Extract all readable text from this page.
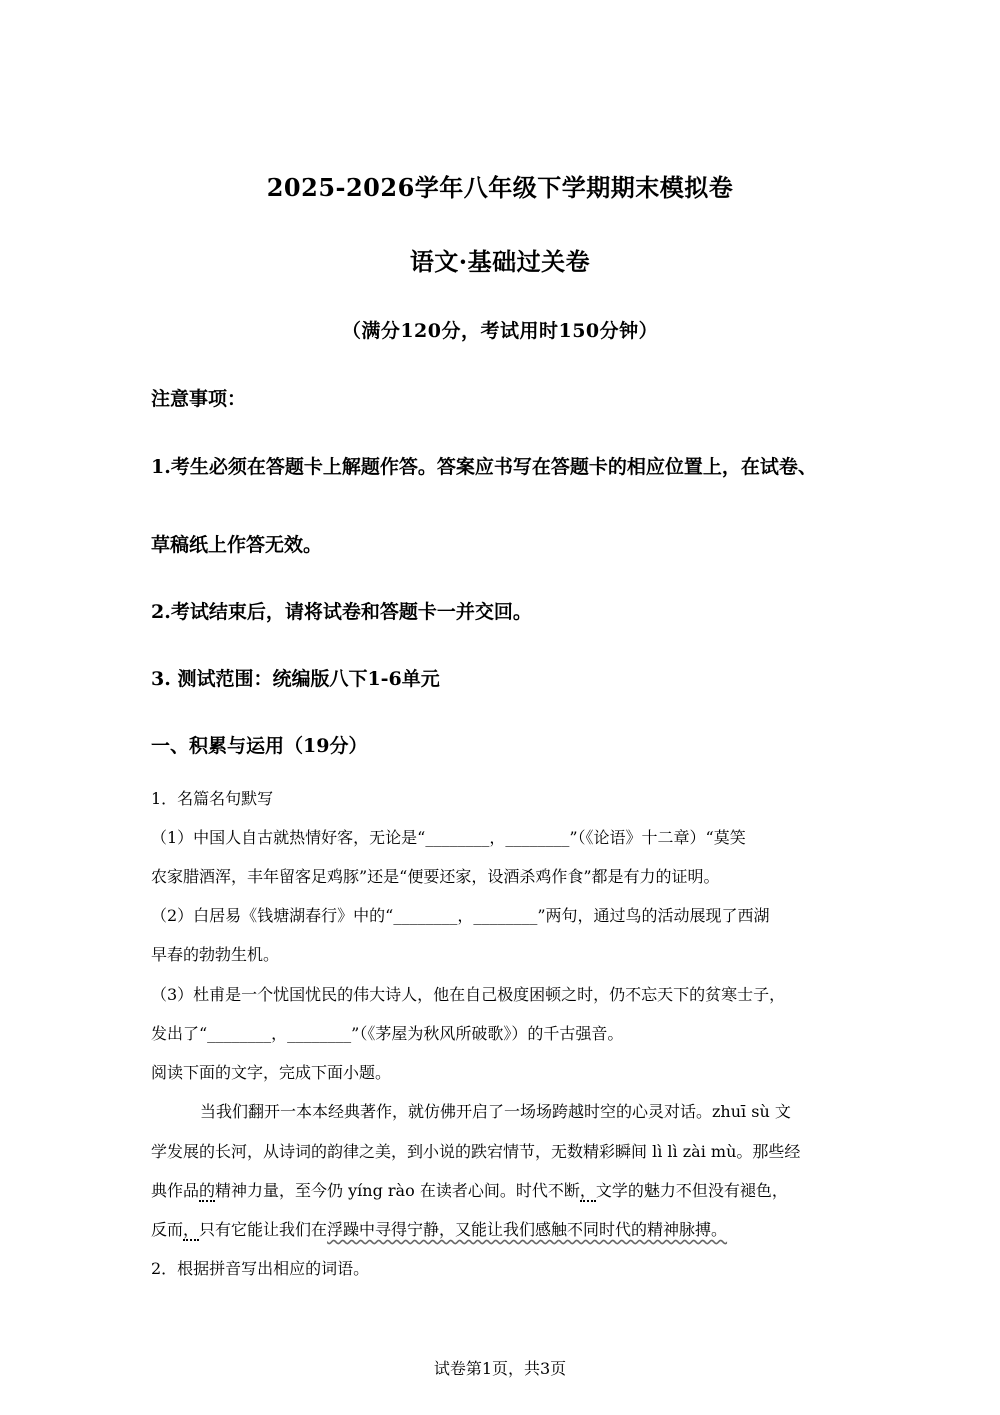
2025-2026学年八年级下学期期末模拟卷
语文·基础过关卷
（满分120分，考试用时150分钟）
注意事项：
1.考生必须在答题卡上解题作答。答案应书写在答题卡的相应位置上，在试卷、
草稿纸上作答无效。
2.考试结束后，请将试卷和答题卡一并交回。
3. 测试范围：统编版八下1-6单元
一、积累与运用（19分）
1．名篇名句默写
（1）中国人自古就热情好客，无论是“________，________”（《论语》十二章）“莫笑
农家腊酒浑，丰年留客足鸡豚”还是“便要还家，设酒杀鸡作食”都是有力的证明。
（2）白居易《钱塘湖春行》中的“________，________”两句，通过鸟的活动展现了西湖
早春的勃勃生机。
（3）杜甫是一个忧国忧民的伟大诗人，他在自己极度困顿之时，仍不忘天下的贫寒士子，
发出了“________，________”（《茅屋为秋风所破歌》）的千古强音。
阅读下面的文字，完成下面小题。
当我们翻开一本本经典著作，就仿佛开启了一场场跨越时空的心灵对话。zhuī sù 文
学发展的长河，从诗词的韵律之美，到小说的跌宕情节，无数精彩瞬间 lì lì zài mù。那些经
典作品的精神力量，至今仍 yíng rào 在读者心间。时代不断，文学的魅力不但没有褪色，
反而，只有它能让我们在浮躁中寻得宁静，又能让我们感触不同时代的精神脉搏。
2．根据拼音写出相应的词语。
试卷第1页，共3页
